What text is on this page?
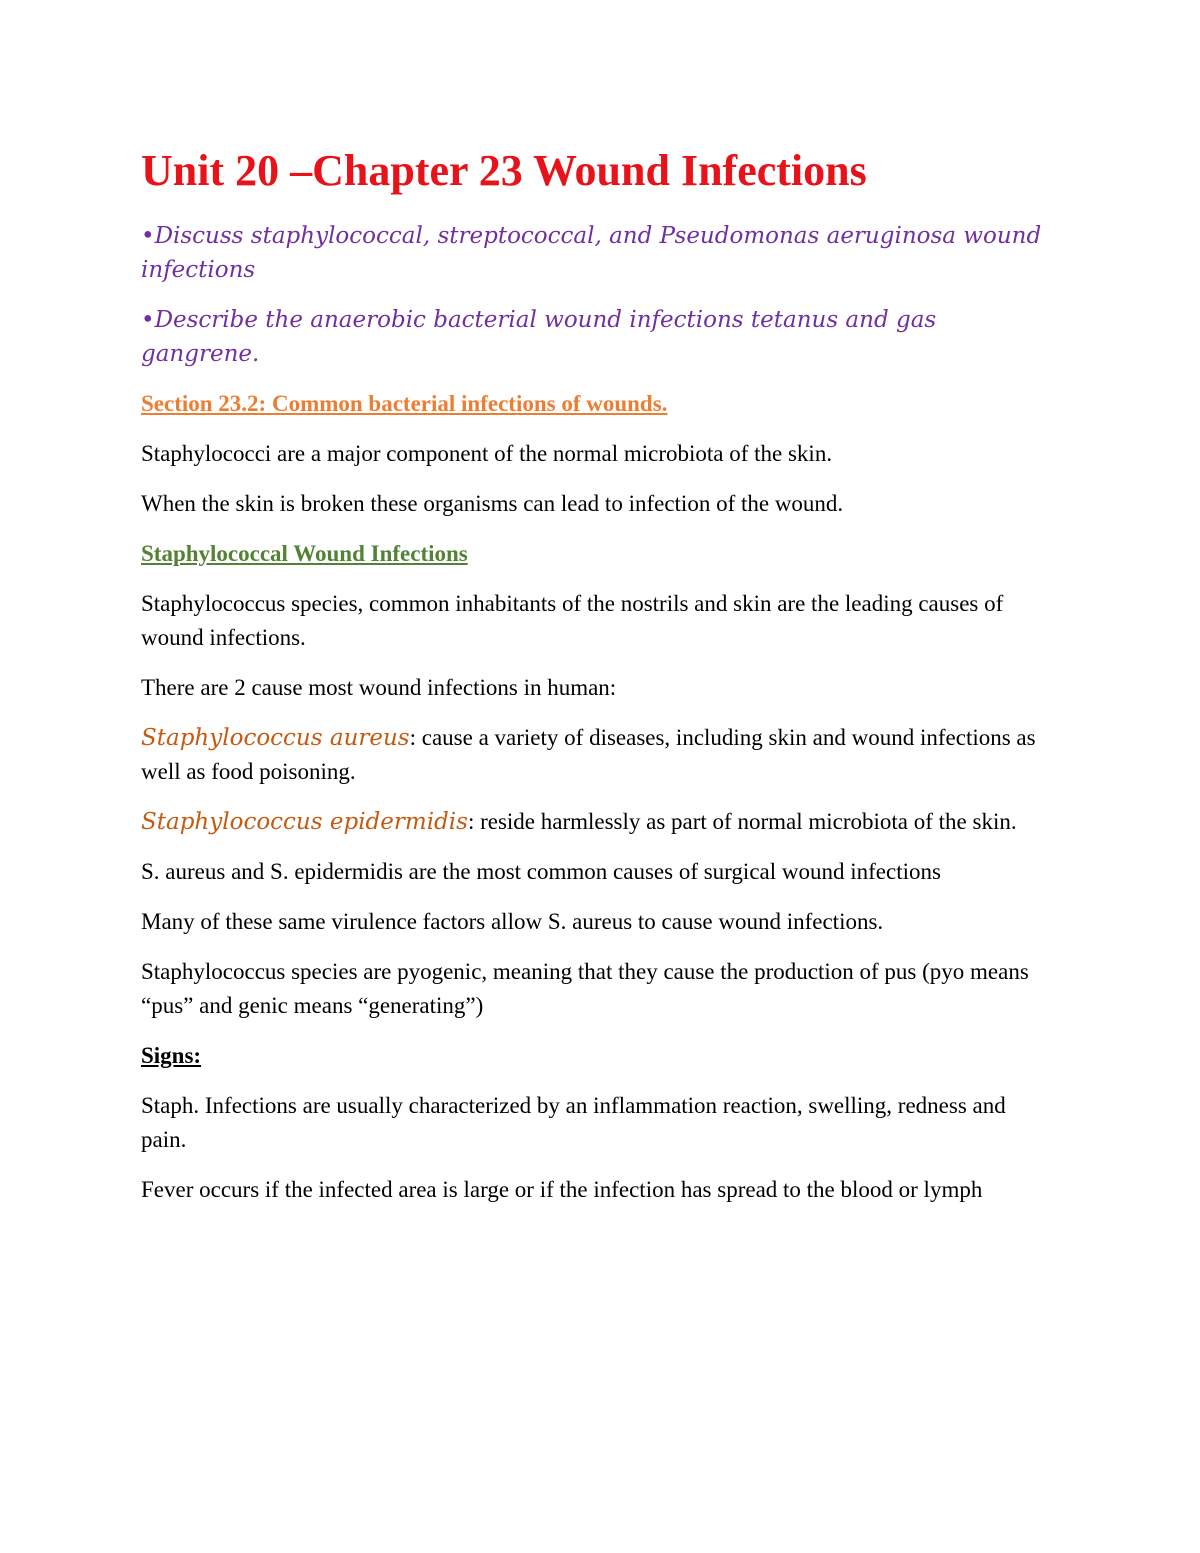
Unit 20 –Chapter 23 Wound Infections

•Discuss staphylococcal, streptococcal, and Pseudomonas aeruginosa wound infections

•Describe the anaerobic bacterial wound infections tetanus and gas gangrene.

Section 23.2: Common bacterial infections of wounds.

Staphylococci are a major component of the normal microbiota of the skin.

When the skin is broken these organisms can lead to infection of the wound.

Staphylococcal Wound Infections

Staphylococcus species, common inhabitants of the nostrils and skin are the leading causes of wound infections.

There are 2 cause most wound infections in human:

Staphylococcus aureus: cause a variety of diseases, including skin and wound infections as well as food poisoning.

Staphylococcus epidermidis: reside harmlessly as part of normal microbiota of the skin.

S. aureus and S. epidermidis are the most common causes of surgical wound infections

Many of these same virulence factors allow S. aureus to cause wound infections.

Staphylococcus species are pyogenic, meaning that they cause the production of pus (pyo means “pus” and genic means “generating”)

Signs:

Staph. Infections are usually characterized by an inflammation reaction, swelling, redness and pain.

Fever occurs if the infected area is large or if the infection has spread to the blood or lymph
